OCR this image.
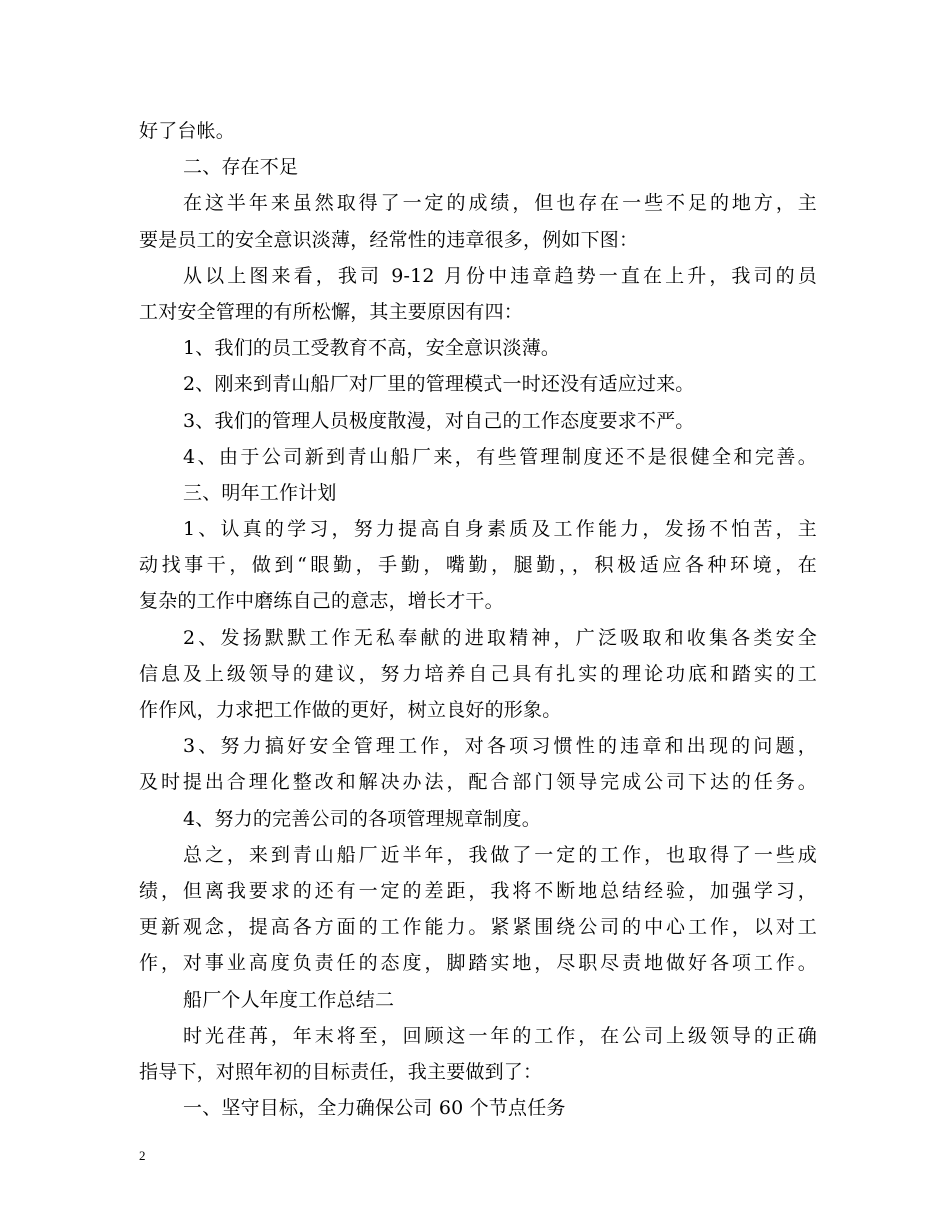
好了台帐。
二、存在不足
在这半年来虽然取得了一定的成绩，但也存在一些不足的地方，主
要是员工的安全意识淡薄，经常性的违章很多，例如下图：
从以上图来看，我司 9-12 月份中违章趋势一直在上升，我司的员
工对安全管理的有所松懈，其主要原因有四：
1、我们的员工受教育不高，安全意识淡薄。
2、刚来到青山船厂对厂里的管理模式一时还没有适应过来。
3、我们的管理人员极度散漫，对自己的工作态度要求不严。
4、由于公司新到青山船厂来，有些管理制度还不是很健全和完善。
三、明年工作计划
1、认真的学习，努力提高自身素质及工作能力，发扬不怕苦，主
动找事干，做到“眼勤，手勤，嘴勤，腿勤，，积极适应各种环境，在
复杂的工作中磨练自己的意志，增长才干。
2、发扬默默工作无私奉献的进取精神，广泛吸取和收集各类安全
信息及上级领导的建议，努力培养自己具有扎实的理论功底和踏实的工
作作风，力求把工作做的更好，树立良好的形象。
3、努力搞好安全管理工作，对各项习惯性的违章和出现的问题，
及时提出合理化整改和解决办法，配合部门领导完成公司下达的任务。
4、努力的完善公司的各项管理规章制度。
总之，来到青山船厂近半年，我做了一定的工作，也取得了一些成
绩，但离我要求的还有一定的差距，我将不断地总结经验，加强学习，
更新观念，提高各方面的工作能力。紧紧围绕公司的中心工作，以对工
作，对事业高度负责任的态度，脚踏实地，尽职尽责地做好各项工作。
船厂个人年度工作总结二
时光荏苒，年末将至，回顾这一年的工作，在公司上级领导的正确
指导下，对照年初的目标责任，我主要做到了：
一、坚守目标，全力确保公司 60 个节点任务
2
